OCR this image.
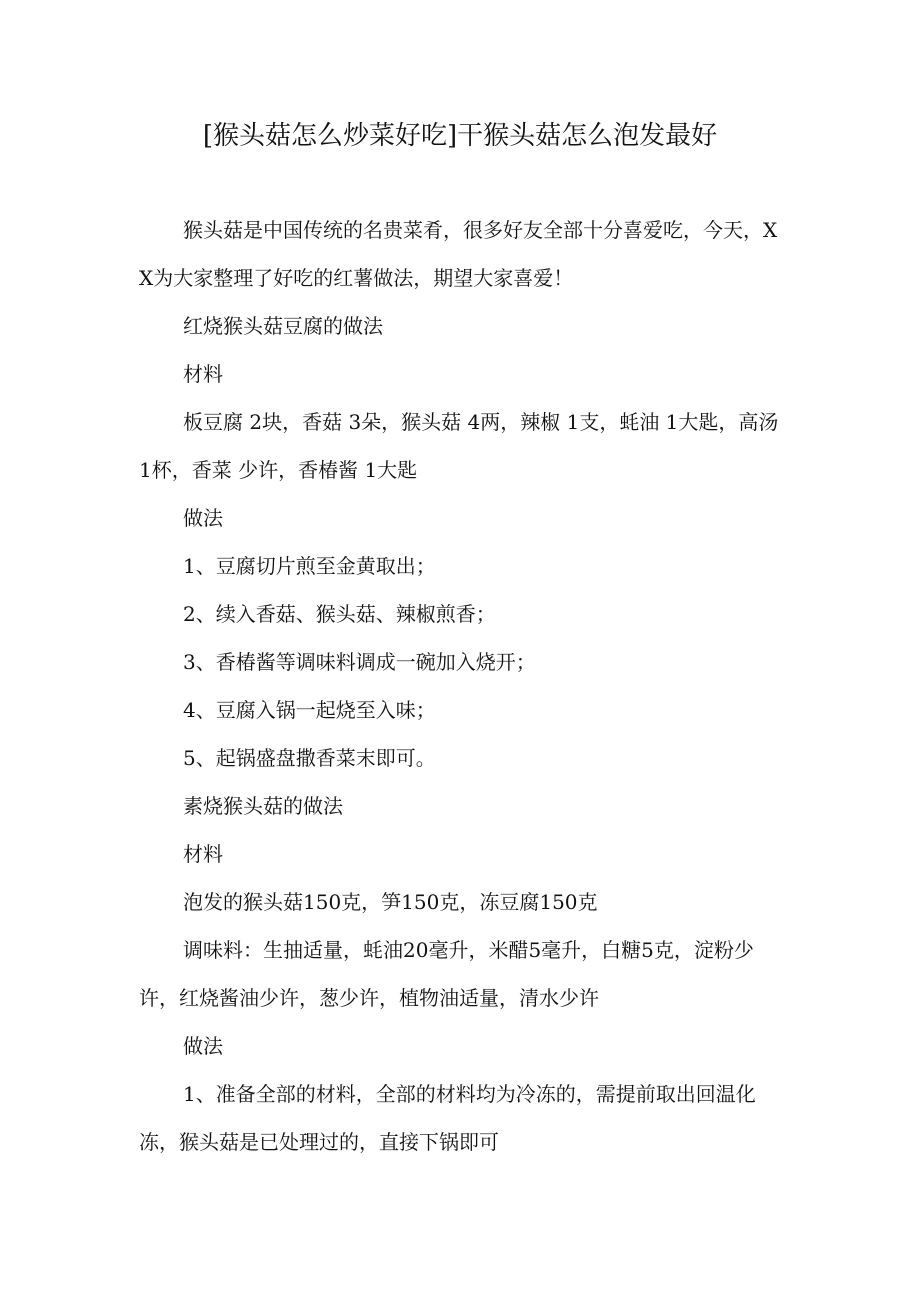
[猴头菇怎么炒菜好吃]干猴头菇怎么泡发最好

猴头菇是中国传统的名贵菜肴，很多好友全部十分喜爱吃，今天，XX为大家整理了好吃的红薯做法，期望大家喜爱！

红烧猴头菇豆腐的做法

材料

板豆腐 2块，香菇 3朵，猴头菇 4两，辣椒 1支，蚝油 1大匙，高汤 1杯，香菜 少许，香椿酱 1大匙

做法

1、豆腐切片煎至金黄取出；

2、续入香菇、猴头菇、辣椒煎香；

3、香椿酱等调味料调成一碗加入烧开；

4、豆腐入锅一起烧至入味；

5、起锅盛盘撒香菜末即可。

素烧猴头菇的做法

材料

泡发的猴头菇150克，笋150克，冻豆腐150克

调味料：生抽适量，蚝油20毫升，米醋5毫升，白糖5克，淀粉少许，红烧酱油少许，葱少许，植物油适量，清水少许

做法

1、准备全部的材料，全部的材料均为冷冻的，需提前取出回温化冻，猴头菇是已处理过的，直接下锅即可
